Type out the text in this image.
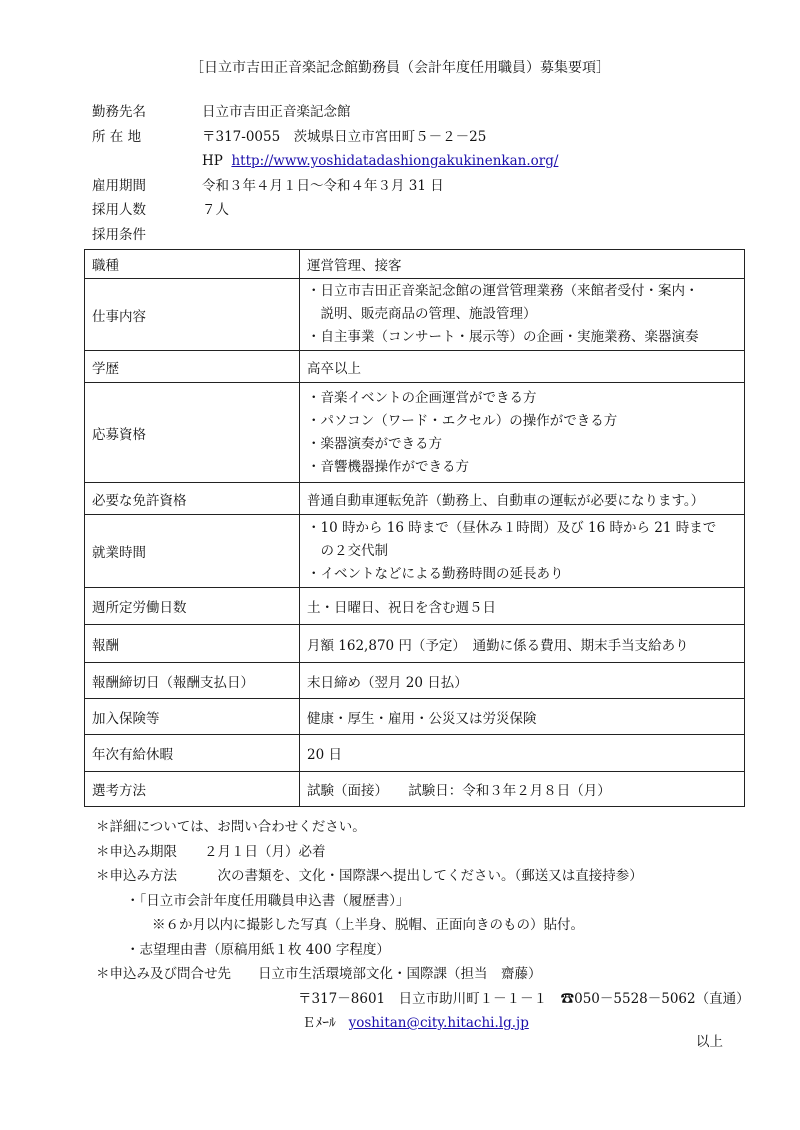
［日立市吉田正音楽記念館勤務員（会計年度任用職員）募集要項］
勤務先名	日立市吉田正音楽記念館
所 在 地	〒317-0055　茨城県日立市宮田町５－２－25
HP http://www.yoshidatadashiongakukinenkan.org/
雇用期間	令和３年４月１日～令和４年３月 31 日
採用人数	７人
採用条件
職種	運営管理、接客
仕事内容	・日立市吉田正音楽記念館の運営管理業務（来館者受付・案内・
　説明、販売商品の管理、施設管理）
・自主事業（コンサート・展示等）の企画・実施業務、楽器演奏

学歴	高卒以上
応募資格	・音楽イベントの企画運営ができる方
・パソコン（ワード・エクセル）の操作ができる方
・楽器演奏ができる方
・音響機器操作ができる方

必要な免許資格	普通自動車運転免許（勤務上、自動車の運転が必要になります。）
就業時間	・10 時から 16 時まで（昼休み１時間）及び 16 時から 21 時まで
　の２交代制
・イベントなどによる勤務時間の延長あり

週所定労働日数	土・日曜日、祝日を含む週５日
報酬	月額 162,870 円（予定）　通勤に係る費用、期末手当支給あり
報酬締切日（報酬支払日）	末日締め（翌月 20 日払）
加入保険等	健康・厚生・雇用・公災又は労災保険
年次有給休暇	20 日
選考方法	試験（面接）　　試験日：令和３年２月８日（月）
＊詳細については、お問い合わせください。
＊申込み期限　　２月１日（月）必着
＊申込み方法　　　次の書類を、文化・国際課へ提出してください。（郵送又は直接持参）
・「日立市会計年度任用職員申込書（履歴書）」
※６か月以内に撮影した写真（上半身、脱帽、正面向きのもの）貼付。
・志望理由書（原稿用紙１枚 400 字程度）
＊申込み及び問合せ先　　日立市生活環境部文化・国際課（担当　齋藤）
〒317－8601　日立市助川町１－１－１　☎050－5528－5062（直通）
Ｅﾒｰﾙ yoshitan@city.hitachi.lg.jp
以上
